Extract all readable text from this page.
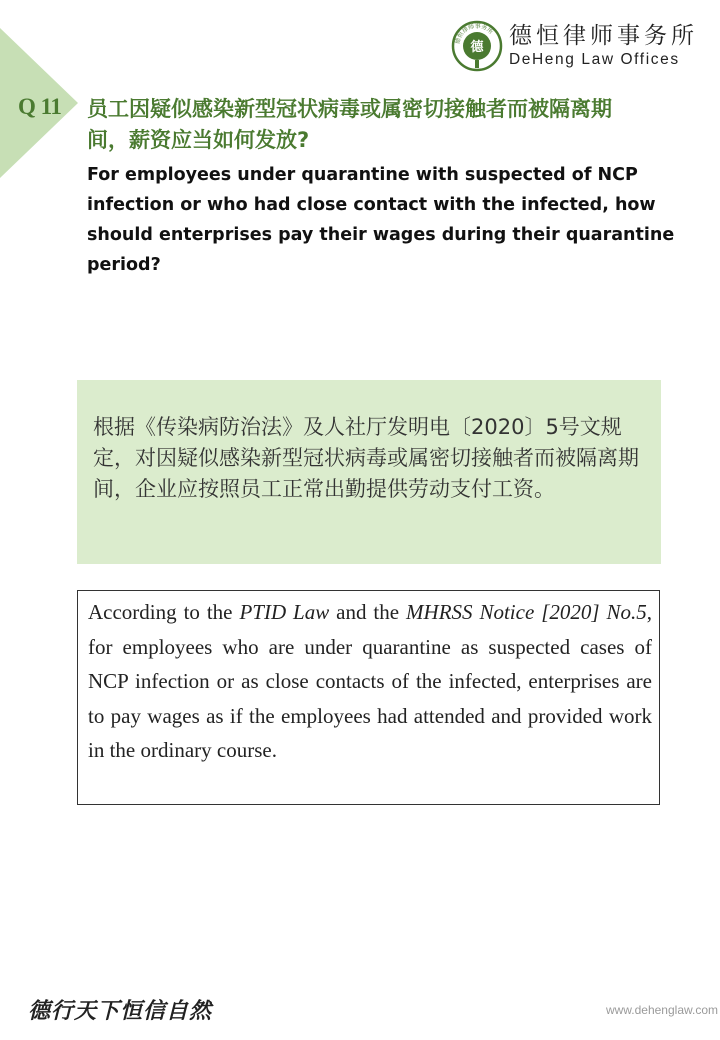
Q 11
德恒律师事务所
德 德恒律师事务所
DeHeng Law Offices
员工因疑似感染新型冠状病毒或属密切接触者而被隔离期间，薪资应当如何发放?
For employees under quarantine with suspected of NCP infection or who had close contact with the infected, how should enterprises pay their wages during their quarantine period?
根据《传染病防治法》及人社厅发明电〔2020〕5号文规定，对因疑似感染新型冠状病毒或属密切接触者而被隔离期间，企业应按照员工正常出勤提供劳动支付工资。
According to the PTID Law and the MHRSS Notice [2020] No.5, for employees who are under quarantine as suspected cases of NCP infection or as close contacts of the infected, enterprises are to pay wages as if the employees had attended and provided work in the ordinary course.
德行天下恒信自然	www.dehenglaw.com
